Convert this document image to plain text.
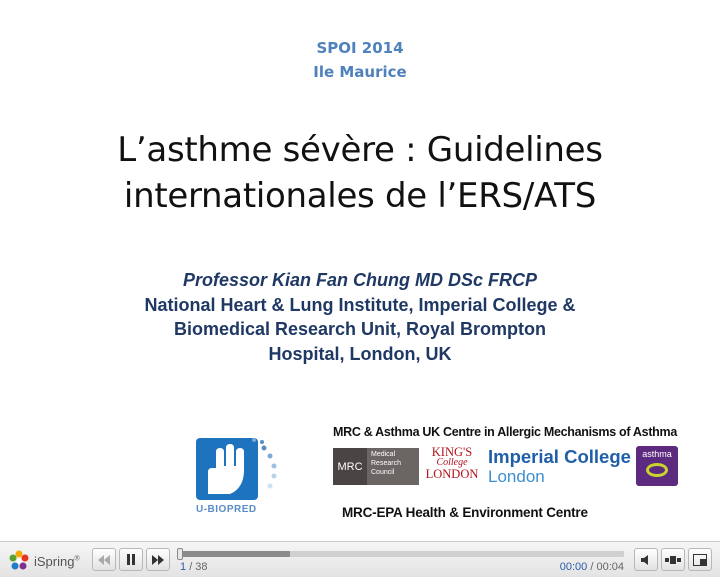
SPOI 2014
Ile Maurice
L’asthme sévère : Guidelines
internationales de l’ERS/ATS
Professor Kian Fan Chung MD DSc FRCP
National Heart & Lung Institute, Imperial College &
Biomedical Research Unit, Royal Brompton
Hospital, London, UK
U-BIOPRED
MRC & Asthma UK Centre in Allergic Mechanisms of Asthma
MRC
Medical Research Council
KING'S
College
LONDON
Imperial College
London
asthma
MRC-EPA Health & Environment Centre
iSpring®
1 / 38	00:00 / 00:04
